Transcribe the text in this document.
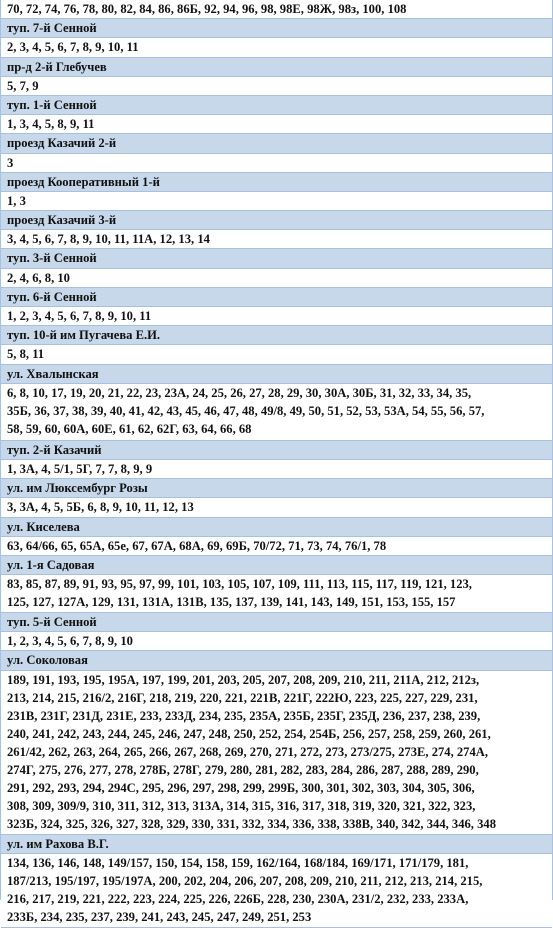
70, 72, 74, 76, 78, 80, 82, 84, 86, 86Б, 92, 94, 96, 98, 98Е, 98Ж, 98з, 100, 108
туп. 7-й Сенной
2, 3, 4, 5, 6, 7, 8, 9, 10, 11
пр-д 2-й Глебучев
5, 7, 9
туп. 1-й Сенной
1, 3, 4, 5, 8, 9, 11
проезд Казачий 2-й
3
проезд Кооперативный 1-й
1, 3
проезд Казачий 3-й
3, 4, 5, 6, 7, 8, 9, 10, 11, 11А, 12, 13, 14
туп. 3-й Сенной
2, 4, 6, 8, 10
туп. 6-й Сенной
1, 2, 3, 4, 5, 6, 7, 8, 9, 10, 11
туп. 10-й им Пугачева Е.И.
5, 8, 11
ул. Хвалынская
6, 8, 10, 17, 19, 20, 21, 22, 23, 23А, 24, 25, 26, 27, 28, 29, 30, 30А, 30Б, 31, 32, 33, 34, 35,
35Б, 36, 37, 38, 39, 40, 41, 42, 43, 45, 46, 47, 48, 49/8, 49, 50, 51, 52, 53, 53А, 54, 55, 56, 57,
58, 59, 60, 60А, 60Е, 61, 62, 62Г, 63, 64, 66, 68
туп. 2-й Казачий
1, 3А, 4, 5/1, 5Г, 7, 7, 8, 9, 9
ул. им Люксембург Розы
3, 3А, 4, 5, 5Б, 6, 8, 9, 10, 11, 12, 13
ул. Киселева
63, 64/66, 65, 65А, 65е, 67, 67А, 68А, 69, 69Б, 70/72, 71, 73, 74, 76/1, 78
ул. 1-я Садовая
83, 85, 87, 89, 91, 93, 95, 97, 99, 101, 103, 105, 107, 109, 111, 113, 115, 117, 119, 121, 123,
125, 127, 127А, 129, 131, 131А, 131В, 135, 137, 139, 141, 143, 149, 151, 153, 155, 157
туп. 5-й Сенной
1, 2, 3, 4, 5, 6, 7, 8, 9, 10
ул. Соколовая
189, 191, 193, 195, 195А, 197, 199, 201, 203, 205, 207, 208, 209, 210, 211, 211А, 212, 212з,
213, 214, 215, 216/2, 216Г, 218, 219, 220, 221, 221В, 221Г, 222Ю, 223, 225, 227, 229, 231,
231В, 231Г, 231Д, 231Е, 233, 233Д, 234, 235, 235А, 235Б, 235Г, 235Д, 236, 237, 238, 239,
240, 241, 242, 243, 244, 245, 246, 247, 248, 250, 252, 254, 254Б, 256, 257, 258, 259, 260, 261,
261/42, 262, 263, 264, 265, 266, 267, 268, 269, 270, 271, 272, 273, 273/275, 273Е, 274, 274А,
274Г, 275, 276, 277, 278, 278Б, 278Г, 279, 280, 281, 282, 283, 284, 286, 287, 288, 289, 290,
291, 292, 293, 294, 294С, 295, 296, 297, 298, 299, 299Б, 300, 301, 302, 303, 304, 305, 306,
308, 309, 309/9, 310, 311, 312, 313, 313А, 314, 315, 316, 317, 318, 319, 320, 321, 322, 323,
323Б, 324, 325, 326, 327, 328, 329, 330, 331, 332, 334, 336, 338, 338В, 340, 342, 344, 346, 348
ул. им Рахова В.Г.
134, 136, 146, 148, 149/157, 150, 154, 158, 159, 162/164, 168/184, 169/171, 171/179, 181,
187/213, 195/197, 195/197А, 200, 202, 204, 206, 207, 208, 209, 210, 211, 212, 213, 214, 215,
216, 217, 219, 221, 222, 223, 224, 225, 226, 226Б, 228, 230, 230А, 231/2, 232, 233, 233А,
233Б, 234, 235, 237, 239, 241, 243, 245, 247, 249, 251, 253
